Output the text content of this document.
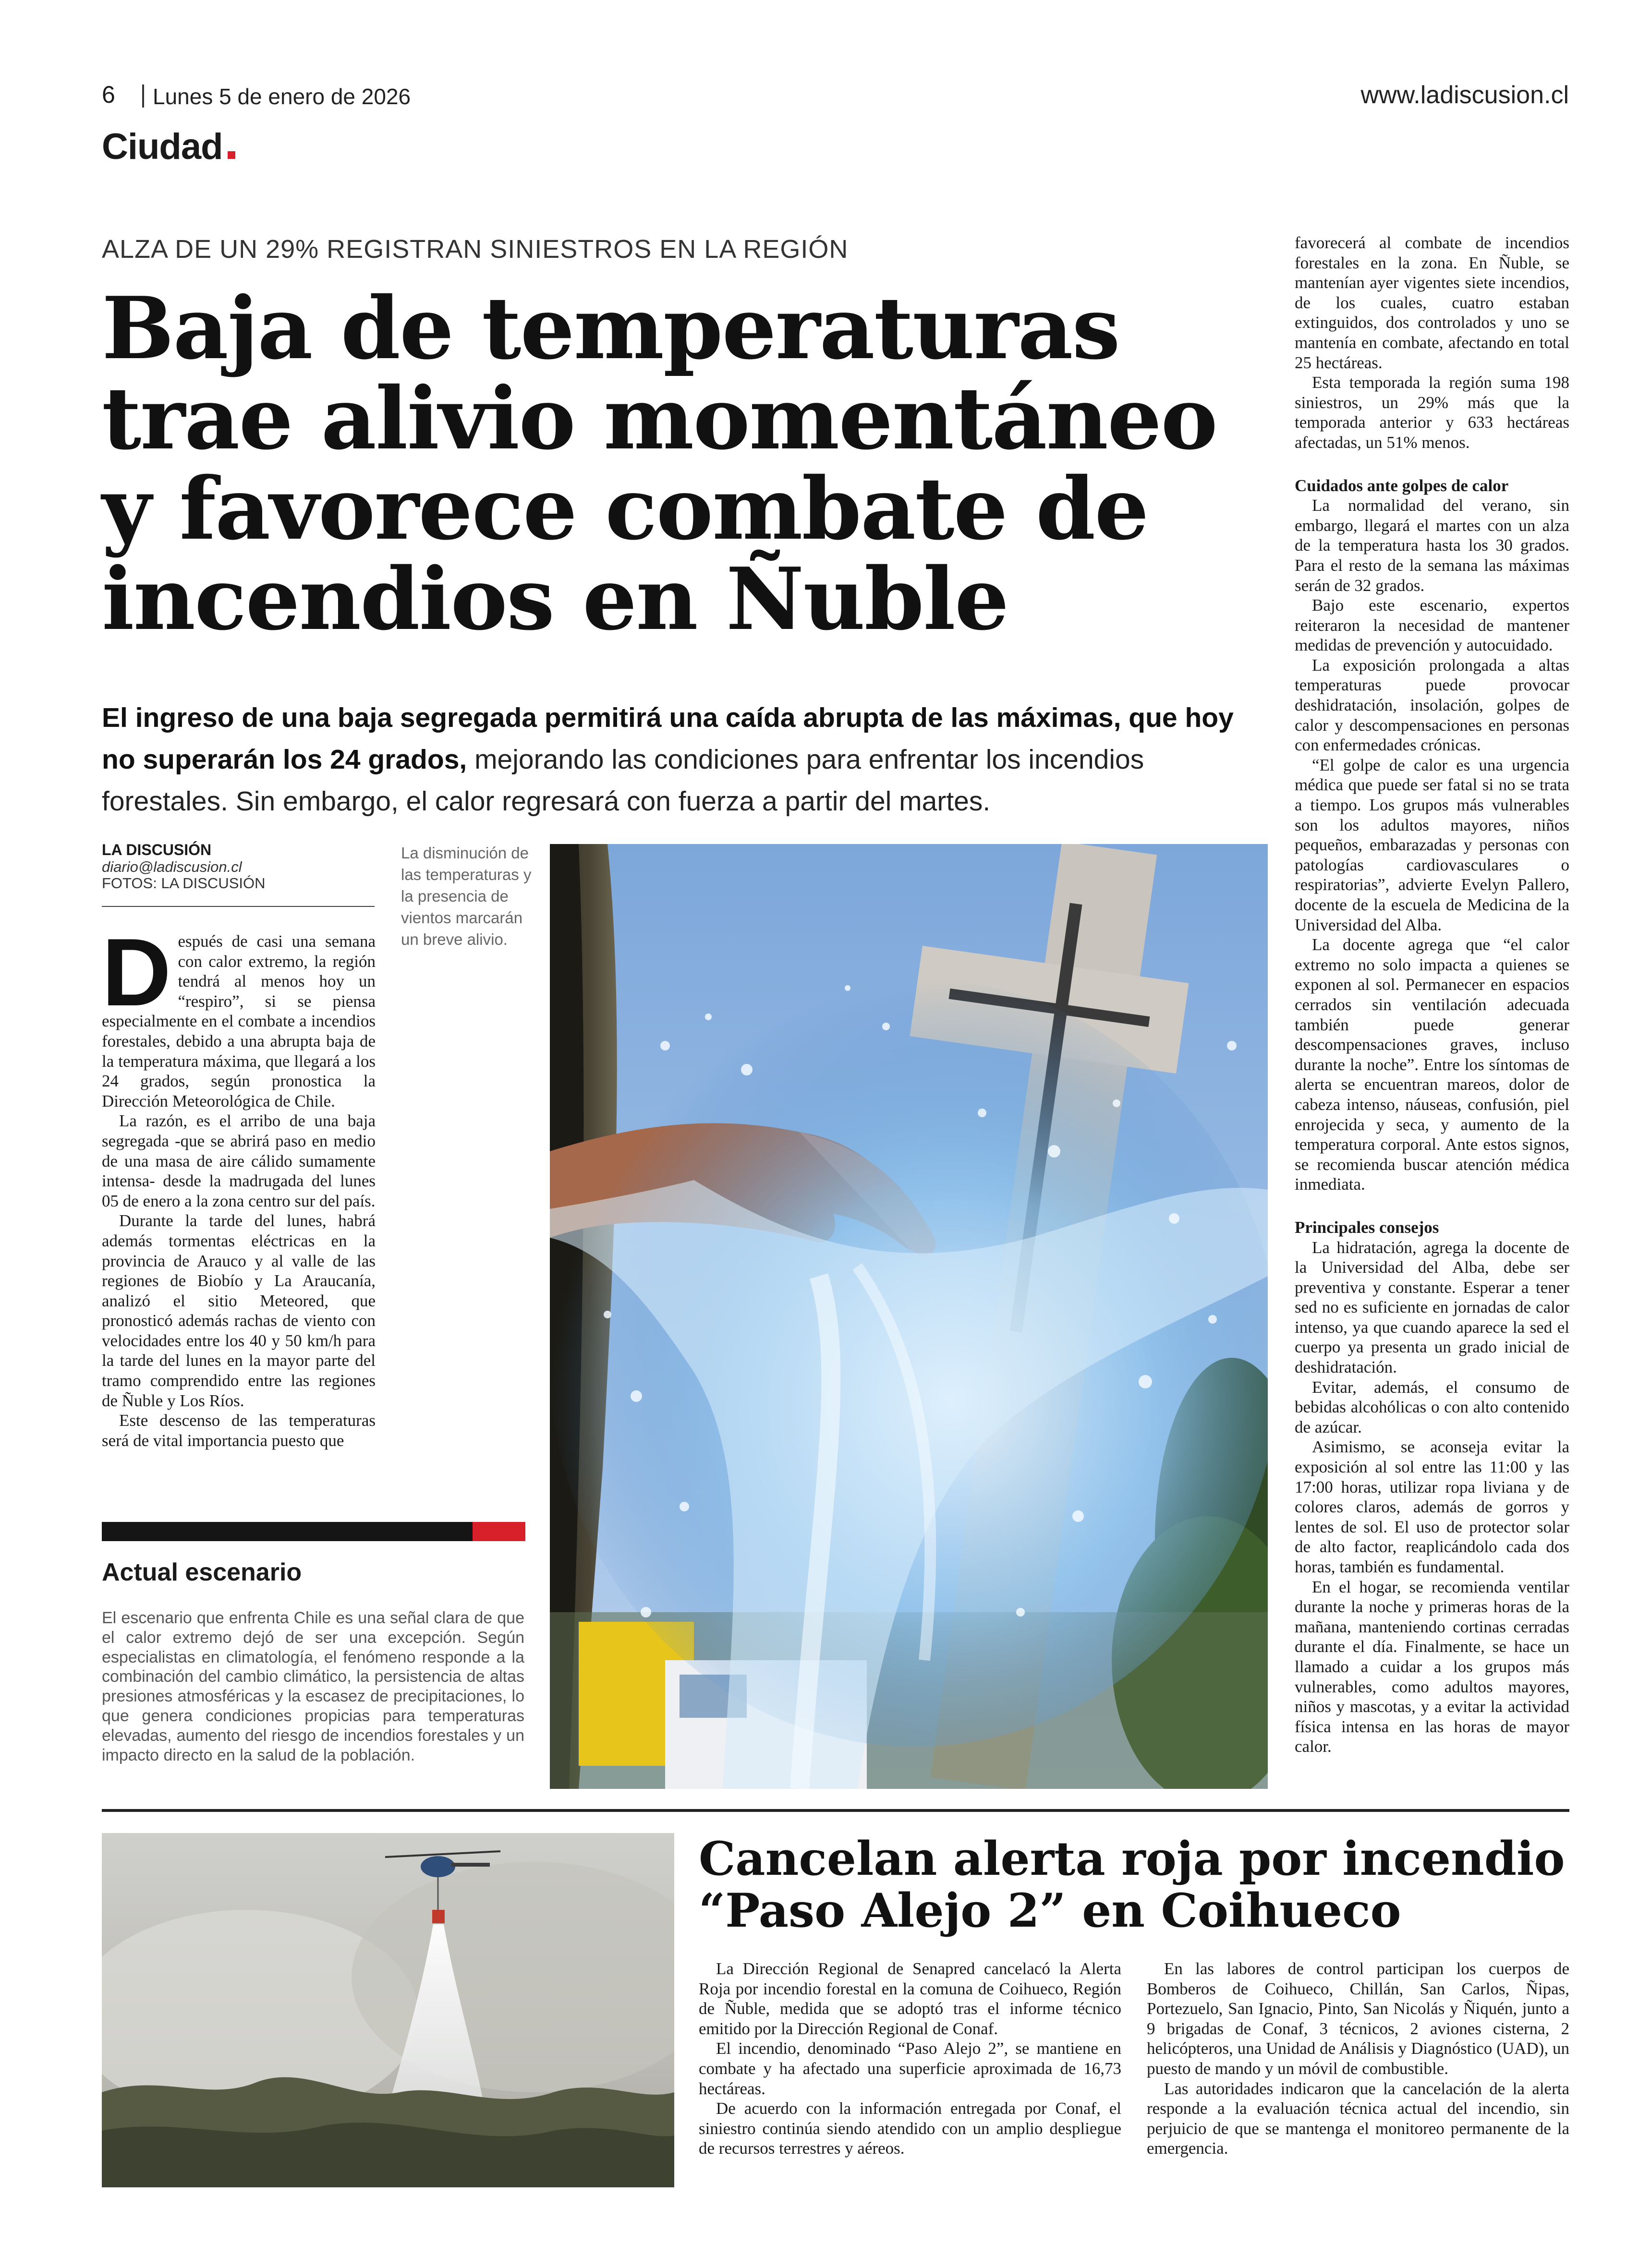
6 Lunes 5 de enero de 2026	www.ladiscusion.cl
Ciudad
ALZA DE UN 29% REGISTRAN SINIESTROS EN LA REGIÓN
Baja de temperaturas trae alivio momentáneo y favorece combate de incendios en Ñuble
El ingreso de una baja segregada permitirá una caída abrupta de las máximas, que hoy no superarán los 24 grados, mejorando las condiciones para enfrentar los incendios forestales. Sin embargo, el calor regresará con fuerza a partir del martes.
LA DISCUSIÓN
diario@ladiscusion.cl
FOTOS: LA DISCUSIÓN
La disminución de las temperaturas y la presencia de vientos marcarán un breve alivio.

Después de casi una semana con calor extremo, la región tendrá al menos hoy un “respiro”, si se piensa especialmente en el combate a incendios forestales, debido a una abrupta baja de la temperatura máxima, que llegará a los 24 grados, según pronostica la Dirección Meteorológica de Chile.

La razón, es el arribo de una baja segregada -que se abrirá paso en medio de una masa de aire cálido sumamente intensa- desde la madrugada del lunes 05 de enero a la zona centro sur del país.

Durante la tarde del lunes, habrá además tormentas eléctricas en la provincia de Arauco y al valle de las regiones de Biobío y La Araucanía, analizó el sitio Meteored, que pronosticó además rachas de viento con velocidades entre los 40 y 50 km/h para la tarde del lunes en la mayor parte del tramo comprendido entre las regiones de Ñuble y Los Ríos.

Este descenso de las temperaturas será de vital importancia puesto que

Actual escenario
El escenario que enfrenta Chile es una señal clara de que el calor extremo dejó de ser una excepción. Según especialistas en climatología, el fenómeno responde a la combinación del cambio climático, la persistencia de altas presiones atmosféricas y la escasez de precipitaciones, lo que genera condiciones propicias para temperaturas elevadas, aumento del riesgo de incendios forestales y un impacto directo en la salud de la población.

favorecerá al combate de incendios forestales en la zona. En Ñuble, se mantenían ayer vigentes siete incendios, de los cuales, cuatro estaban extinguidos, dos controlados y uno se mantenía en combate, afectando en total 25 hectáreas.

Esta temporada la región suma 198 siniestros, un 29% más que la temporada anterior y 633 hectáreas afectadas, un 51% menos.

Cuidados ante golpes de calor

La normalidad del verano, sin embargo, llegará el martes con un alza de la temperatura hasta los 30 grados. Para el resto de la semana las máximas serán de 32 grados.

Bajo este escenario, expertos reiteraron la necesidad de mantener medidas de prevención y autocuidado.

La exposición prolongada a altas temperaturas puede provocar deshidratación, insolación, golpes de calor y descompensaciones en personas con enfermedades crónicas.

“El golpe de calor es una urgencia médica que puede ser fatal si no se trata a tiempo. Los grupos más vulnerables son los adultos mayores, niños pequeños, embarazadas y personas con patologías cardiovasculares o respiratorias”, advierte Evelyn Pallero, docente de la escuela de Medicina de la Universidad del Alba.

La docente agrega que “el calor extremo no solo impacta a quienes se exponen al sol. Permanecer en espacios cerrados sin ventilación adecuada también puede generar descompensaciones graves, incluso durante la noche”. Entre los síntomas de alerta se encuentran mareos, dolor de cabeza intenso, náuseas, confusión, piel enrojecida y seca, y aumento de la temperatura corporal. Ante estos signos, se recomienda buscar atención médica inmediata.

Principales consejos

La hidratación, agrega la docente de la Universidad del Alba, debe ser preventiva y constante. Esperar a tener sed no es suficiente en jornadas de calor intenso, ya que cuando aparece la sed el cuerpo ya presenta un grado inicial de deshidratación.

Evitar, además, el consumo de bebidas alcohólicas o con alto contenido de azúcar.

Asimismo, se aconseja evitar la exposición al sol entre las 11:00 y las 17:00 horas, utilizar ropa liviana y de colores claros, además de gorros y lentes de sol. El uso de protector solar de alto factor, reaplicándolo cada dos horas, también es fundamental.

En el hogar, se recomienda ventilar durante la noche y primeras horas de la mañana, manteniendo cortinas cerradas durante el día. Finalmente, se hace un llamado a cuidar a los grupos más vulnerables, como adultos mayores, niños y mascotas, y a evitar la actividad física intensa en las horas de mayor calor.

Cancelan alerta roja por incendio “Paso Alejo 2” en Coihueco

La Dirección Regional de Senapred cancelacó la Alerta Roja por incendio forestal en la comuna de Coihueco, Región de Ñuble, medida que se adoptó tras el informe técnico emitido por la Dirección Regional de Conaf.

El incendio, denominado “Paso Alejo 2”, se mantiene en combate y ha afectado una superficie aproximada de 16,73 hectáreas.

De acuerdo con la información entregada por Conaf, el siniestro continúa siendo atendido con un amplio despliegue de recursos terrestres y aéreos.

En las labores de control participan los cuerpos de Bomberos de Coihueco, Chillán, San Carlos, Ñipas, Portezuelo, San Ignacio, Pinto, San Nicolás y Ñiquén, junto a 9 brigadas de Conaf, 3 técnicos, 2 aviones cisterna, 2 helicópteros, una Unidad de Análisis y Diagnóstico (UAD), un puesto de mando y un móvil de combustible.

Las autoridades indicaron que la cancelación de la alerta responde a la evaluación técnica actual del incendio, sin perjuicio de que se mantenga el monitoreo permanente de la emergencia.
